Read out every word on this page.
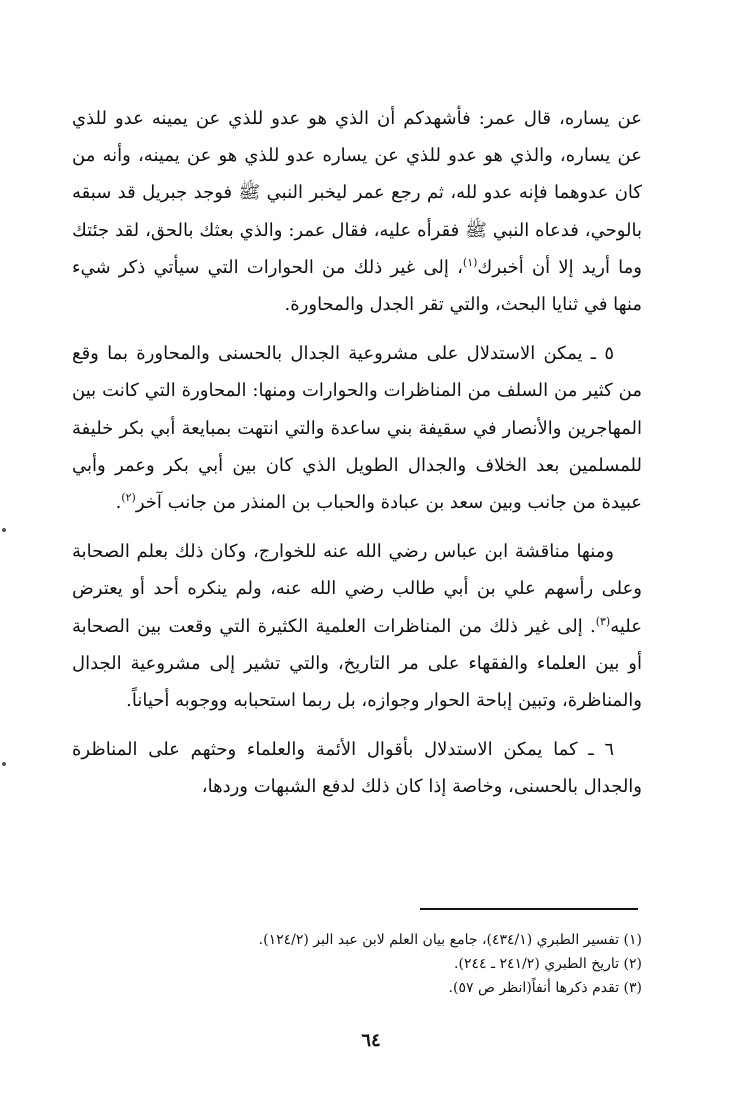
عن يساره، قال عمر: فأشهدكم أن الذي هو عدو للذي عن يمينه عدو للذي عن يساره، والذي هو عدو للذي عن يساره عدو للذي هو عن يمينه، وأنه من كان عدوهما فإنه عدو لله، ثم رجع عمر ليخبر النبي ﷺ فوجد جبريل قد سبقه بالوحي، فدعاه النبي ﷺ فقرأه عليه، فقال عمر: والذي بعثك بالحق، لقد جئتك وما أريد إلا أن أخبرك$^{(١)}$، إلى غير ذلك من الحوارات التي سيأتي ذكر شيء منها في ثنايا البحث، والتي تقر الجدل والمحاورة.

٥ ـ يمكن الاستدلال على مشروعية الجدال بالحسنى والمحاورة بما وقع من كثير من السلف من المناظرات والحوارات ومنها: المحاورة التي كانت بين المهاجرين والأنصار في سقيفة بني ساعدة والتي انتهت بمبايعة أبي بكر خليفة للمسلمين بعد الخلاف والجدال الطويل الذي كان بين أبي بكر وعمر وأبي عبيدة من جانب وبين سعد بن عبادة والحباب بن المنذر من جانب آخر$^{(٢)}$.

ومنها مناقشة ابن عباس رضي الله عنه للخوارج، وكان ذلك بعلم الصحابة وعلى رأسهم علي بن أبي طالب رضي الله عنه، ولم ينكره أحد أو يعترض عليه$^{(٣)}$. إلى غير ذلك من المناظرات العلمية الكثيرة التي وقعت بين الصحابة أو بين العلماء والفقهاء على مر التاريخ، والتي تشير إلى مشروعية الجدال والمناظرة، وتبين إباحة الحوار وجوازه، بل ربما استحبابه ووجوبه أحياناً.

٦ ـ كما يمكن الاستدلال بأقوال الأئمة والعلماء وحثهم على المناظرة والجدال بالحسنى، وخاصة إذا كان ذلك لدفع الشبهات وردها،

(١) تفسير الطبري (٤٣٤/١)، جامع بيان العلم لابن عبد البر (١٢٤/٢).
(٢) تاريخ الطبري (٢٤١/٢ ـ ٢٤٤).
(٣) تقدم ذكرها أنفاً(انظر ص ٥٧).
٦٤
